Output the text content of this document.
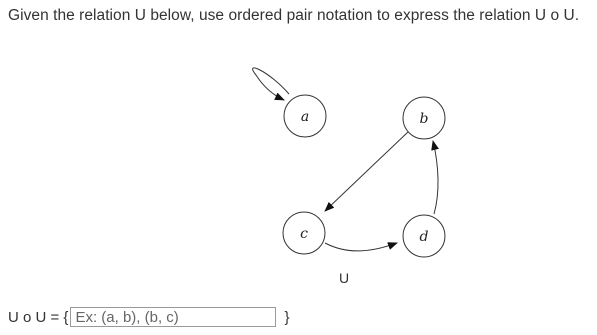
Given the relation U below, use ordered pair notation to express the relation U o U.
a	b
c	d
U
U o U = {
Ex: (a, b), (b, c)	}
